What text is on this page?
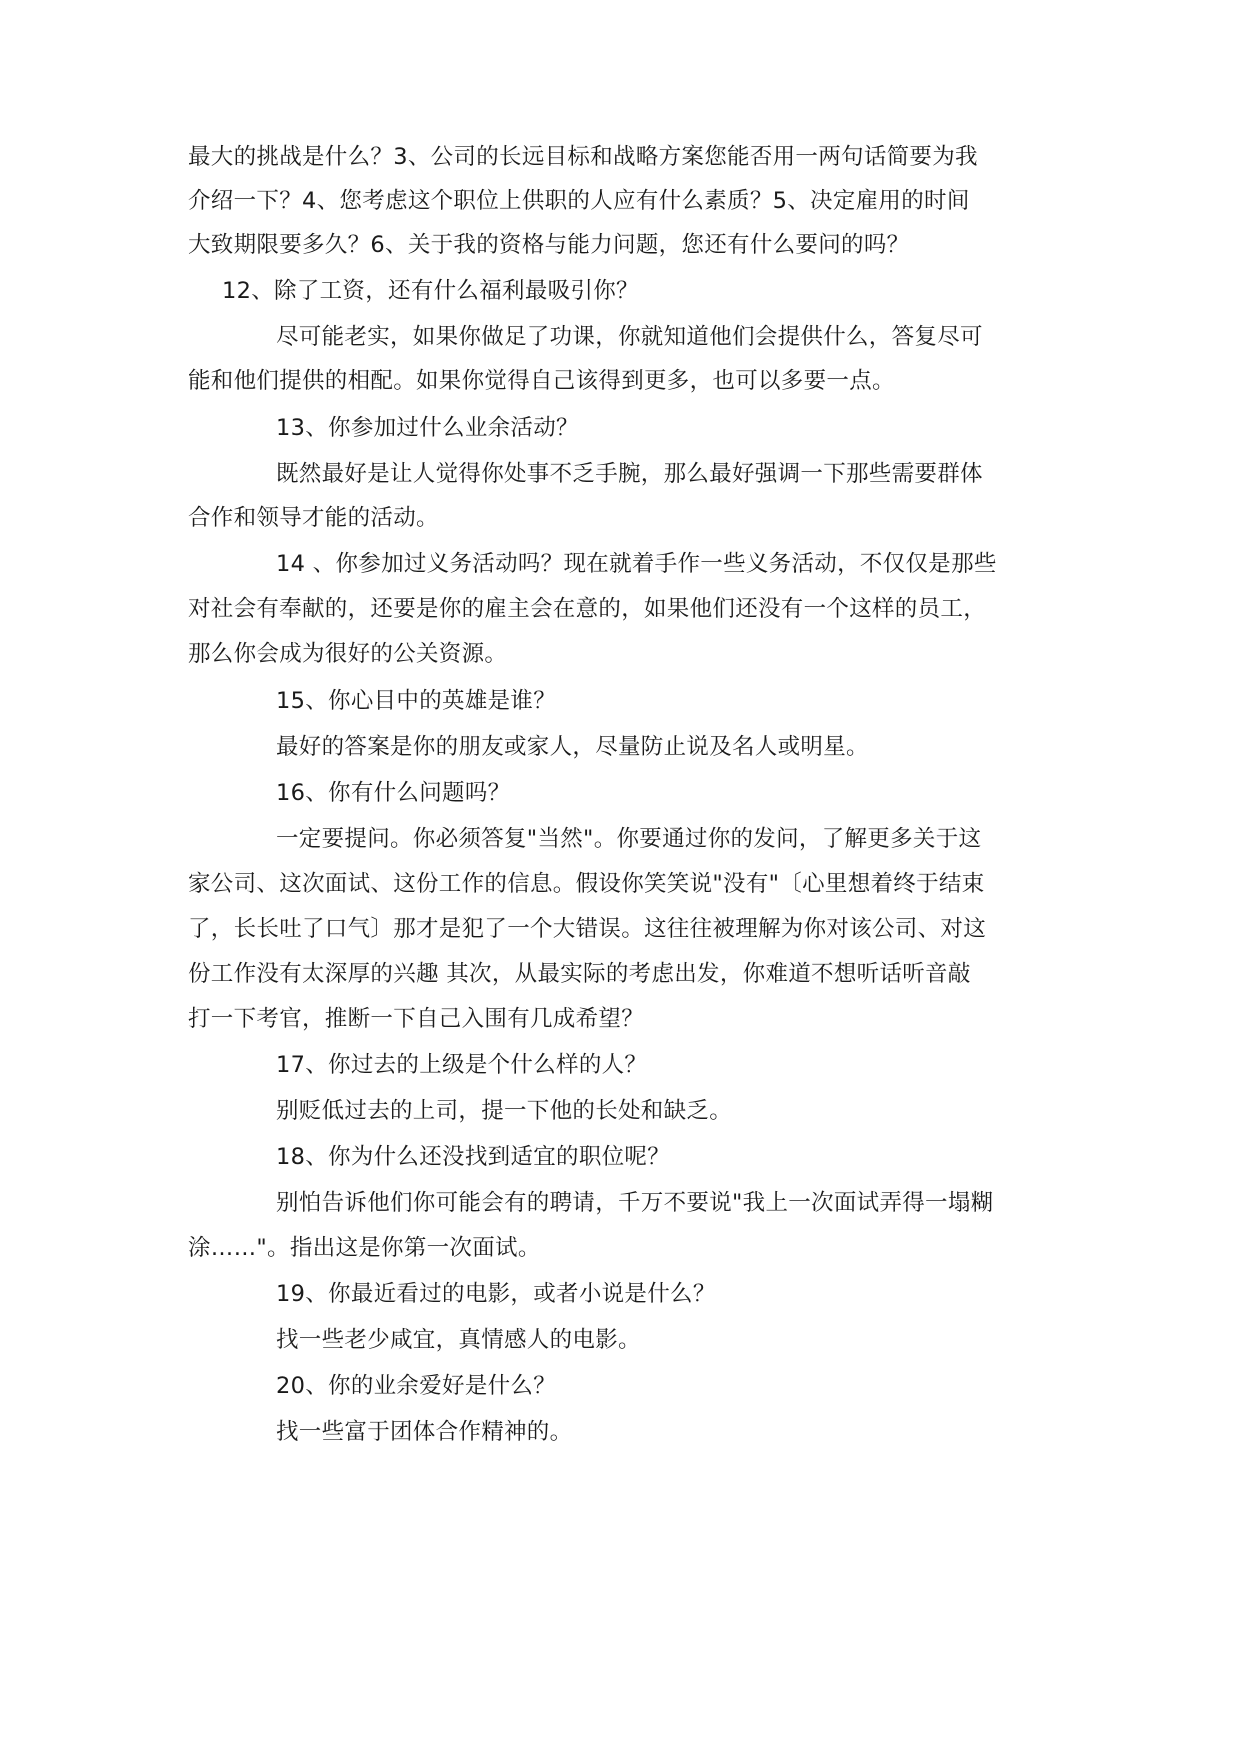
最大的挑战是什么？3、公司的长远目标和战略方案您能否用一两句话简要为我
介绍一下？4、您考虑这个职位上供职的人应有什么素质？5、决定雇用的时间
大致期限要多久？6、关于我的资格与能力问题，您还有什么要问的吗？
12、除了工资，还有什么福利最吸引你？
尽可能老实，如果你做足了功课，你就知道他们会提供什么，答复尽可
能和他们提供的相配。如果你觉得自己该得到更多，也可以多要一点。
13、你参加过什么业余活动？
既然最好是让人觉得你处事不乏手腕，那么最好强调一下那些需要群体
合作和领导才能的活动。
14 、你参加过义务活动吗？现在就着手作一些义务活动，不仅仅是那些
对社会有奉献的，还要是你的雇主会在意的，如果他们还没有一个这样的员工，
那么你会成为很好的公关资源。
15、你心目中的英雄是谁？
最好的答案是你的朋友或家人，尽量防止说及名人或明星。
16、你有什么问题吗？
一定要提问。你必须答复"当然"。你要通过你的发问，了解更多关于这
家公司、这次面试、这份工作的信息。假设你笑笑说"没有"〔心里想着终于结束
了，长长吐了口气〕那才是犯了一个大错误。这往往被理解为你对该公司、对这
份工作没有太深厚的兴趣 其次，从最实际的考虑出发，你难道不想听话听音敲
打一下考官，推断一下自己入围有几成希望？
17、你过去的上级是个什么样的人？
别贬低过去的上司，提一下他的长处和缺乏。
18、你为什么还没找到适宜的职位呢？
别怕告诉他们你可能会有的聘请，千万不要说"我上一次面试弄得一塌糊
涂……"。指出这是你第一次面试。
19、你最近看过的电影，或者小说是什么？
找一些老少咸宜，真情感人的电影。
20、你的业余爱好是什么？
找一些富于团体合作精神的。
